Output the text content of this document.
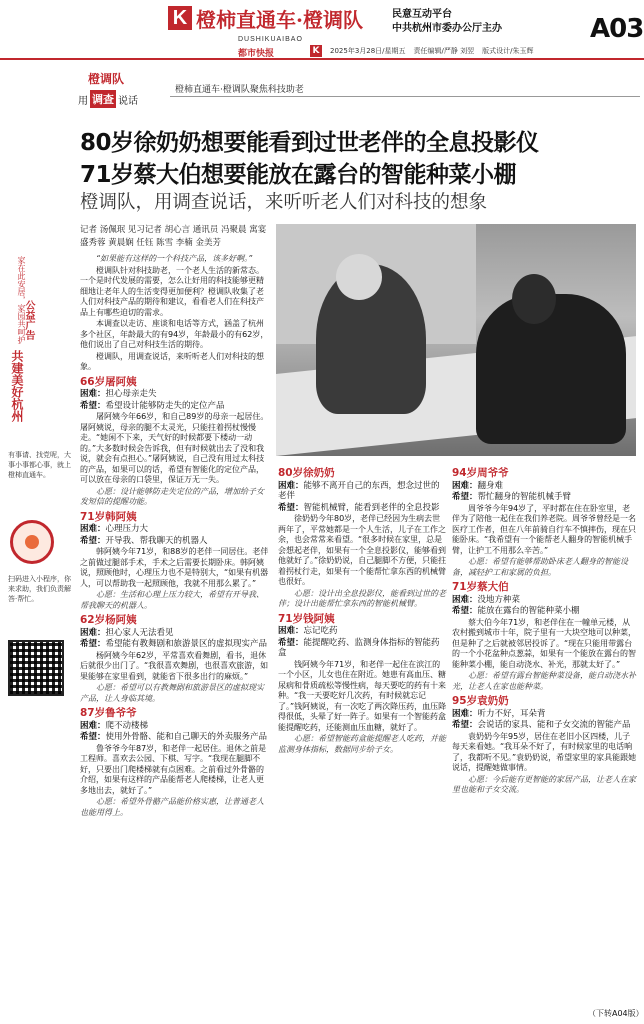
K 橙柿直通车·橙调队
DUSHIKUAIBAO
都市快报
民意互动平台
中共杭州市委办公厅主办
K	2025年3月28日/星期五 责任编辑/严静 刘翌 版式设计/朱玉辉
A03
橙调队
用 调查 说话
橙柿直通车·橙调队聚焦科技助老
80岁徐奶奶想要能看到过世老伴的全息投影仪
71岁蔡大伯想要能放在露台的智能种菜小棚
橙调队，用调查说话，来听听老人们对科技的想象
家在此安居，家园共呵护
公益广告
共建美好杭州
有事请、找党呢，大事小事都心事，就上橙柿直通车。
扫码进入小程序，你来求助，我们负责解答·帮忙。
记者 汤佩珉 见习记者 胡心言 通讯员 冯聚晨 寓宴 盛秀蓉 黄晨娴 任钰 陈雪 李楠 金美芳

“如果能有这样的一个科技产品，该多好啊。”

橙调队针对科技助老，一个老人生活的新常态。一个是时代发展的需要，怎么让好用的科技能够更精细地让老年人的生活变得更加便利？橙调队收集了老人们对科技产品的期待和建议，看看老人们在科技产品上有哪些迫切的需求。

本调查以走访、座谈和电话等方式，涵盖了杭州多个社区，年龄最大的有94岁，年龄最小的有62岁，他们说出了自己对科技生活的期待。

橙调队，用调查说话，来听听老人们对科技的想象。

66岁屠阿姨

困难：担心母亲走失

希望：希望设计能够防走失的定位产品

屠阿姨今年66岁，和自己89岁的母亲一起居住。屠阿姨说，母亲的腿不太灵光，只能拄着拐杖慢慢走。“她闲不下来，天气好的时候都要下楼动一动的。”大多数时候会告诉我，但有时候就出去了没和我说，就会有点担心。”屠阿姨说，自己没有用过太科技的产品，如果可以的话，希望有智能化的定位产品，可以放在母亲的口袋里，保证万无一失。

心愿：设计能够防走失定位的产品，增加给子女发短信的提醒功能。

71岁韩阿姨

困难：心理压力大

希望：开导我、帮我聊天的机器人

韩阿姨今年71岁，和88岁的老伴一同居住。老伴之前做过腿部手术，手术之后需要长期卧床。韩阿姨说，照顾他时，心理压力也不是特别大，“如果有机器人，可以帮助我一起照顾他，我就不用那么累了。”

心愿：生活和心理上压力较大，希望有开导我、帮我聊天的机器人。

62岁杨阿姨

困难：担心家人无法看见

希望：希望能有教舞剧和旅游景区的虚拟现实产品

杨阿姨今年62岁，平常喜欢看舞剧，看书，退休后就很少出门了。“我很喜欢舞剧，也很喜欢旅游，如果能够在家里看到，就能省下很多出行的麻烦。”

心愿：希望可以有教舞剧和旅游景区的虚拟现实产品，让人身临其境。

87岁鲁爷爷

困难：爬不动楼梯

希望：使用外骨骼、能和自己聊天的外卖服务产品

鲁爷爷今年87岁，和老伴一起居住。退休之前是工程师。喜欢去公园、下棋、写字。“我现在腿脚不好，只要出门爬楼梯就有点困难。之前看过外骨骼的介绍，如果有这样的产品能帮老人爬楼梯，让老人更多地出去，就好了。”

心愿：希望外骨骼产品能价格实惠，让普通老人也能用得上。

80岁徐奶奶

困难：能够不离开自己的东西，想念过世的老伴

希望：智能机械臂，能看到老伴的全息投影

徐奶奶今年80岁，老伴已经因为生病去世两年了，平常她都是一个人生活，儿子在工作之余，也会常常来看望。“很多时候在家里，总是会想起老伴，如果有一个全息投影仪，能够看到他就好了。”徐奶奶说，自己腿脚不方便，只能拄着拐杖行走，如果有一个能帮忙拿东西的机械臂也很好。

心愿：设计出全息投影仪，能看到过世的老伴；设计出能帮忙拿东西的智能机械臂。

71岁钱阿姨

困难：忘记吃药

希望：能提醒吃药、监测身体指标的智能药盒

钱阿姨今年71岁，和老伴一起住在滨江的一个小区，儿女也住在附近。她患有高血压、糖尿病和骨质疏松等慢性病，每天要吃的药有十来种。“我一天要吃好几次药，有时候就忘记了。”钱阿姨说，有一次吃了两次降压药，血压降得很低，头晕了好一阵子。如果有一个智能药盒能提醒吃药，还能测血压血糖，就好了。

心愿：希望智能药盒能提醒老人吃药，并能监测身体指标，数据同步给子女。

94岁周爷爷

困难：翻身难

希望：帮忙翻身的智能机械手臂

周爷爷今年94岁了，平时都在住在卧室里，老伴为了陪他一起住在我们养老院。周爷爷曾经是一名医疗工作者，但在八年前骑自行车不慎摔伤，现在只能卧床。“我希望有一个能帮老人翻身的智能机械手臂，让护工不用那么辛苦。”

心愿：希望有能够帮助卧床老人翻身的智能设备，减轻护工和家属的负担。

71岁蔡大伯

困难：没地方种菜

希望：能放在露台的智能种菜小棚

蔡大伯今年71岁，和老伴住在一幢单元楼，从农村搬到城市十年，院子里有一大块空地可以种菜，但是种了之后就被邻居投诉了。“现在只能用带露台的一个小花盆种点葱蒜，如果有一个能放在露台的智能种菜小棚，能自动浇水、补光，那就太好了。”

心愿：希望有露台智能种菜设备，能自动浇水补光，让老人在家也能种菜。

95岁袁奶奶

困难：听力不好，耳朵背

希望：会说话的家具、能和子女交流的智能产品

袁奶奶今年95岁，居住在老旧小区四楼，儿子每天来看她。“我耳朵不好了，有时候家里的电话响了，我都听不见。”袁奶奶说，希望家里的家具能跟她说话，提醒她做事情。

心愿：今后能有更智能的家居产品，让老人在家里也能和子女交流。

（下转A04版）
